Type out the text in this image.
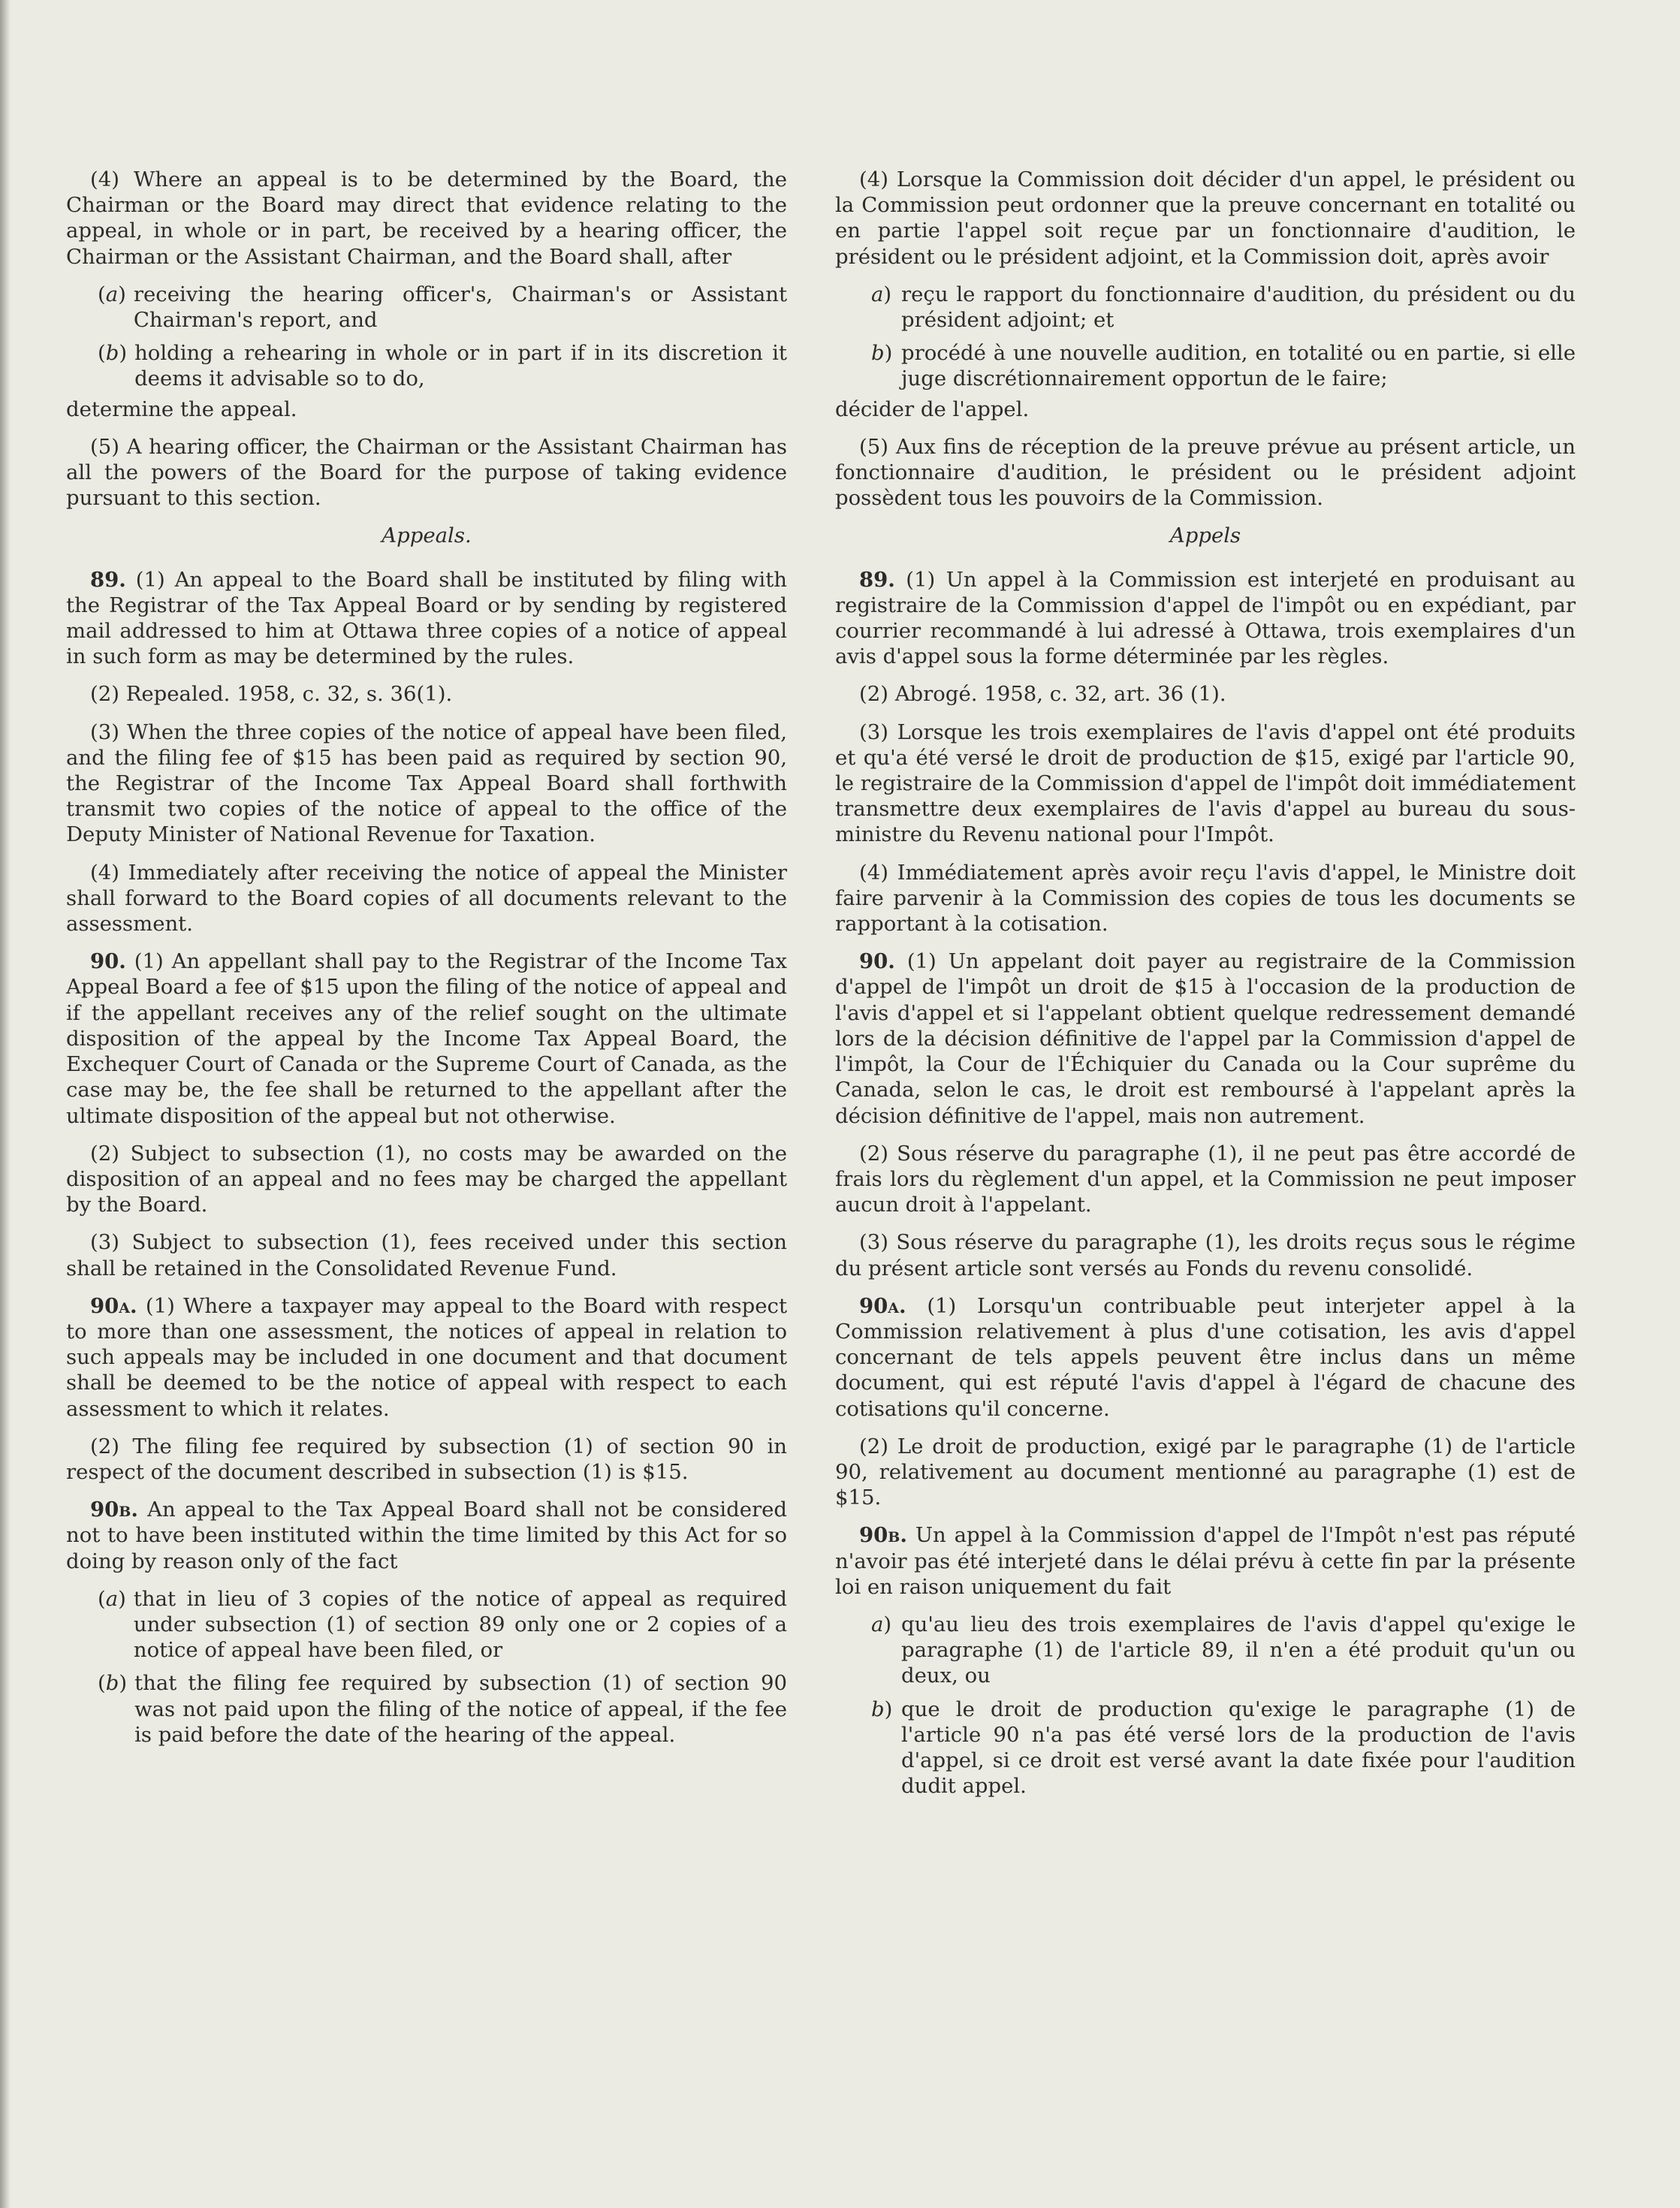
(4) Where an appeal is to be determined by the Board, the Chairman or the Board may direct that evidence relating to the appeal, in whole or in part, be received by a hearing officer, the Chairman or the Assistant Chairman, and the Board shall, after

( a ) receiving the hearing officer's, Chairman's or Assistant Chairman's report, and
( b ) holding a rehearing in whole or in part if in its discretion it deems it advisable so to do,

determine the appeal.

(5) A hearing officer, the Chairman or the Assistant Chairman has all the powers of the Board for the purpose of taking evidence pursuant to this section.

Appeals.

89. (1) An appeal to the Board shall be instituted by filing with the Registrar of the Tax Appeal Board or by sending by registered mail addressed to him at Ottawa three copies of a notice of appeal in such form as may be determined by the rules.

(2) Repealed. 1958, c. 32, s. 36(1).

(3) When the three copies of the notice of appeal have been filed, and the filing fee of $15 has been paid as required by section 90, the Registrar of the Income Tax Appeal Board shall forthwith transmit two copies of the notice of appeal to the office of the Deputy Minister of National Revenue for Taxation.

(4) Immediately after receiving the notice of appeal the Minister shall forward to the Board copies of all documents relevant to the assessment.

90. (1) An appellant shall pay to the Registrar of the Income Tax Appeal Board a fee of $15 upon the filing of the notice of appeal and if the appellant receives any of the relief sought on the ultimate disposition of the appeal by the Income Tax Appeal Board, the Exchequer Court of Canada or the Supreme Court of Canada, as the case may be, the fee shall be returned to the appellant after the ultimate disposition of the appeal but not otherwise.

(2) Subject to subsection (1), no costs may be awarded on the disposition of an appeal and no fees may be charged the appellant by the Board.

(3) Subject to subsection (1), fees received under this section shall be retained in the Consolidated Revenue Fund.

90a. (1) Where a taxpayer may appeal to the Board with respect to more than one assessment, the notices of appeal in relation to such appeals may be included in one document and that document shall be deemed to be the notice of appeal with respect to each assessment to which it relates.

(2) The filing fee required by subsection (1) of section 90 in respect of the document described in subsection (1) is $15.

90b. An appeal to the Tax Appeal Board shall not be considered not to have been instituted within the time limited by this Act for so doing by reason only of the fact

( a ) that in lieu of 3 copies of the notice of appeal as required under subsection (1) of section 89 only one or 2 copies of a notice of appeal have been filed, or
( b ) that the filing fee required by subsection (1) of section 90 was not paid upon the filing of the notice of appeal, if the fee is paid before the date of the hearing of the appeal.

(4) Lorsque la Commission doit décider d'un appel, le président ou la Commission peut ordonner que la preuve concernant en totalité ou en partie l'appel soit reçue par un fonctionnaire d'audition, le président ou le président adjoint, et la Commission doit, après avoir

a ) reçu le rapport du fonctionnaire d'audition, du président ou du président adjoint; et
b ) procédé à une nouvelle audition, en totalité ou en partie, si elle juge discrétionnairement opportun de le faire;

décider de l'appel.

(5) Aux fins de réception de la preuve prévue au présent article, un fonctionnaire d'audition, le président ou le président adjoint possèdent tous les pouvoirs de la Commission.

Appels

89. (1) Un appel à la Commission est interjeté en produisant au registraire de la Commission d'appel de l'impôt ou en expédiant, par courrier recommandé à lui adressé à Ottawa, trois exemplaires d'un avis d'appel sous la forme déterminée par les règles.

(2) Abrogé. 1958, c. 32, art. 36 (1).

(3) Lorsque les trois exemplaires de l'avis d'appel ont été produits et qu'a été versé le droit de production de $15, exigé par l'article 90, le registraire de la Commission d'appel de l'impôt doit immédiatement transmettre deux exemplaires de l'avis d'appel au bureau du sous-ministre du Revenu national pour l'Impôt.

(4) Immédiatement après avoir reçu l'avis d'appel, le Ministre doit faire parvenir à la Commission des copies de tous les documents se rapportant à la cotisation.

90. (1) Un appelant doit payer au registraire de la Commission d'appel de l'impôt un droit de $15 à l'occasion de la production de l'avis d'appel et si l'appelant obtient quelque redressement demandé lors de la décision définitive de l'appel par la Commission d'appel de l'impôt, la Cour de l'Échiquier du Canada ou la Cour suprême du Canada, selon le cas, le droit est remboursé à l'appelant après la décision définitive de l'appel, mais non autrement.

(2) Sous réserve du paragraphe (1), il ne peut pas être accordé de frais lors du règlement d'un appel, et la Commission ne peut imposer aucun droit à l'appelant.

(3) Sous réserve du paragraphe (1), les droits reçus sous le régime du présent article sont versés au Fonds du revenu consolidé.

90a. (1) Lorsqu'un contribuable peut interjeter appel à la Commission relativement à plus d'une cotisation, les avis d'appel concernant de tels appels peuvent être inclus dans un même document, qui est réputé l'avis d'appel à l'égard de chacune des cotisations qu'il concerne.

(2) Le droit de production, exigé par le paragraphe (1) de l'article 90, relativement au document mentionné au paragraphe (1) est de $15.

90b. Un appel à la Commission d'appel de l'Impôt n'est pas réputé n'avoir pas été interjeté dans le délai prévu à cette fin par la présente loi en raison uniquement du fait

a ) qu'au lieu des trois exemplaires de l'avis d'appel qu'exige le paragraphe (1) de l'article 89, il n'en a été produit qu'un ou deux, ou
b ) que le droit de production qu'exige le paragraphe (1) de l'article 90 n'a pas été versé lors de la production de l'avis d'appel, si ce droit est versé avant la date fixée pour l'audition dudit appel.
